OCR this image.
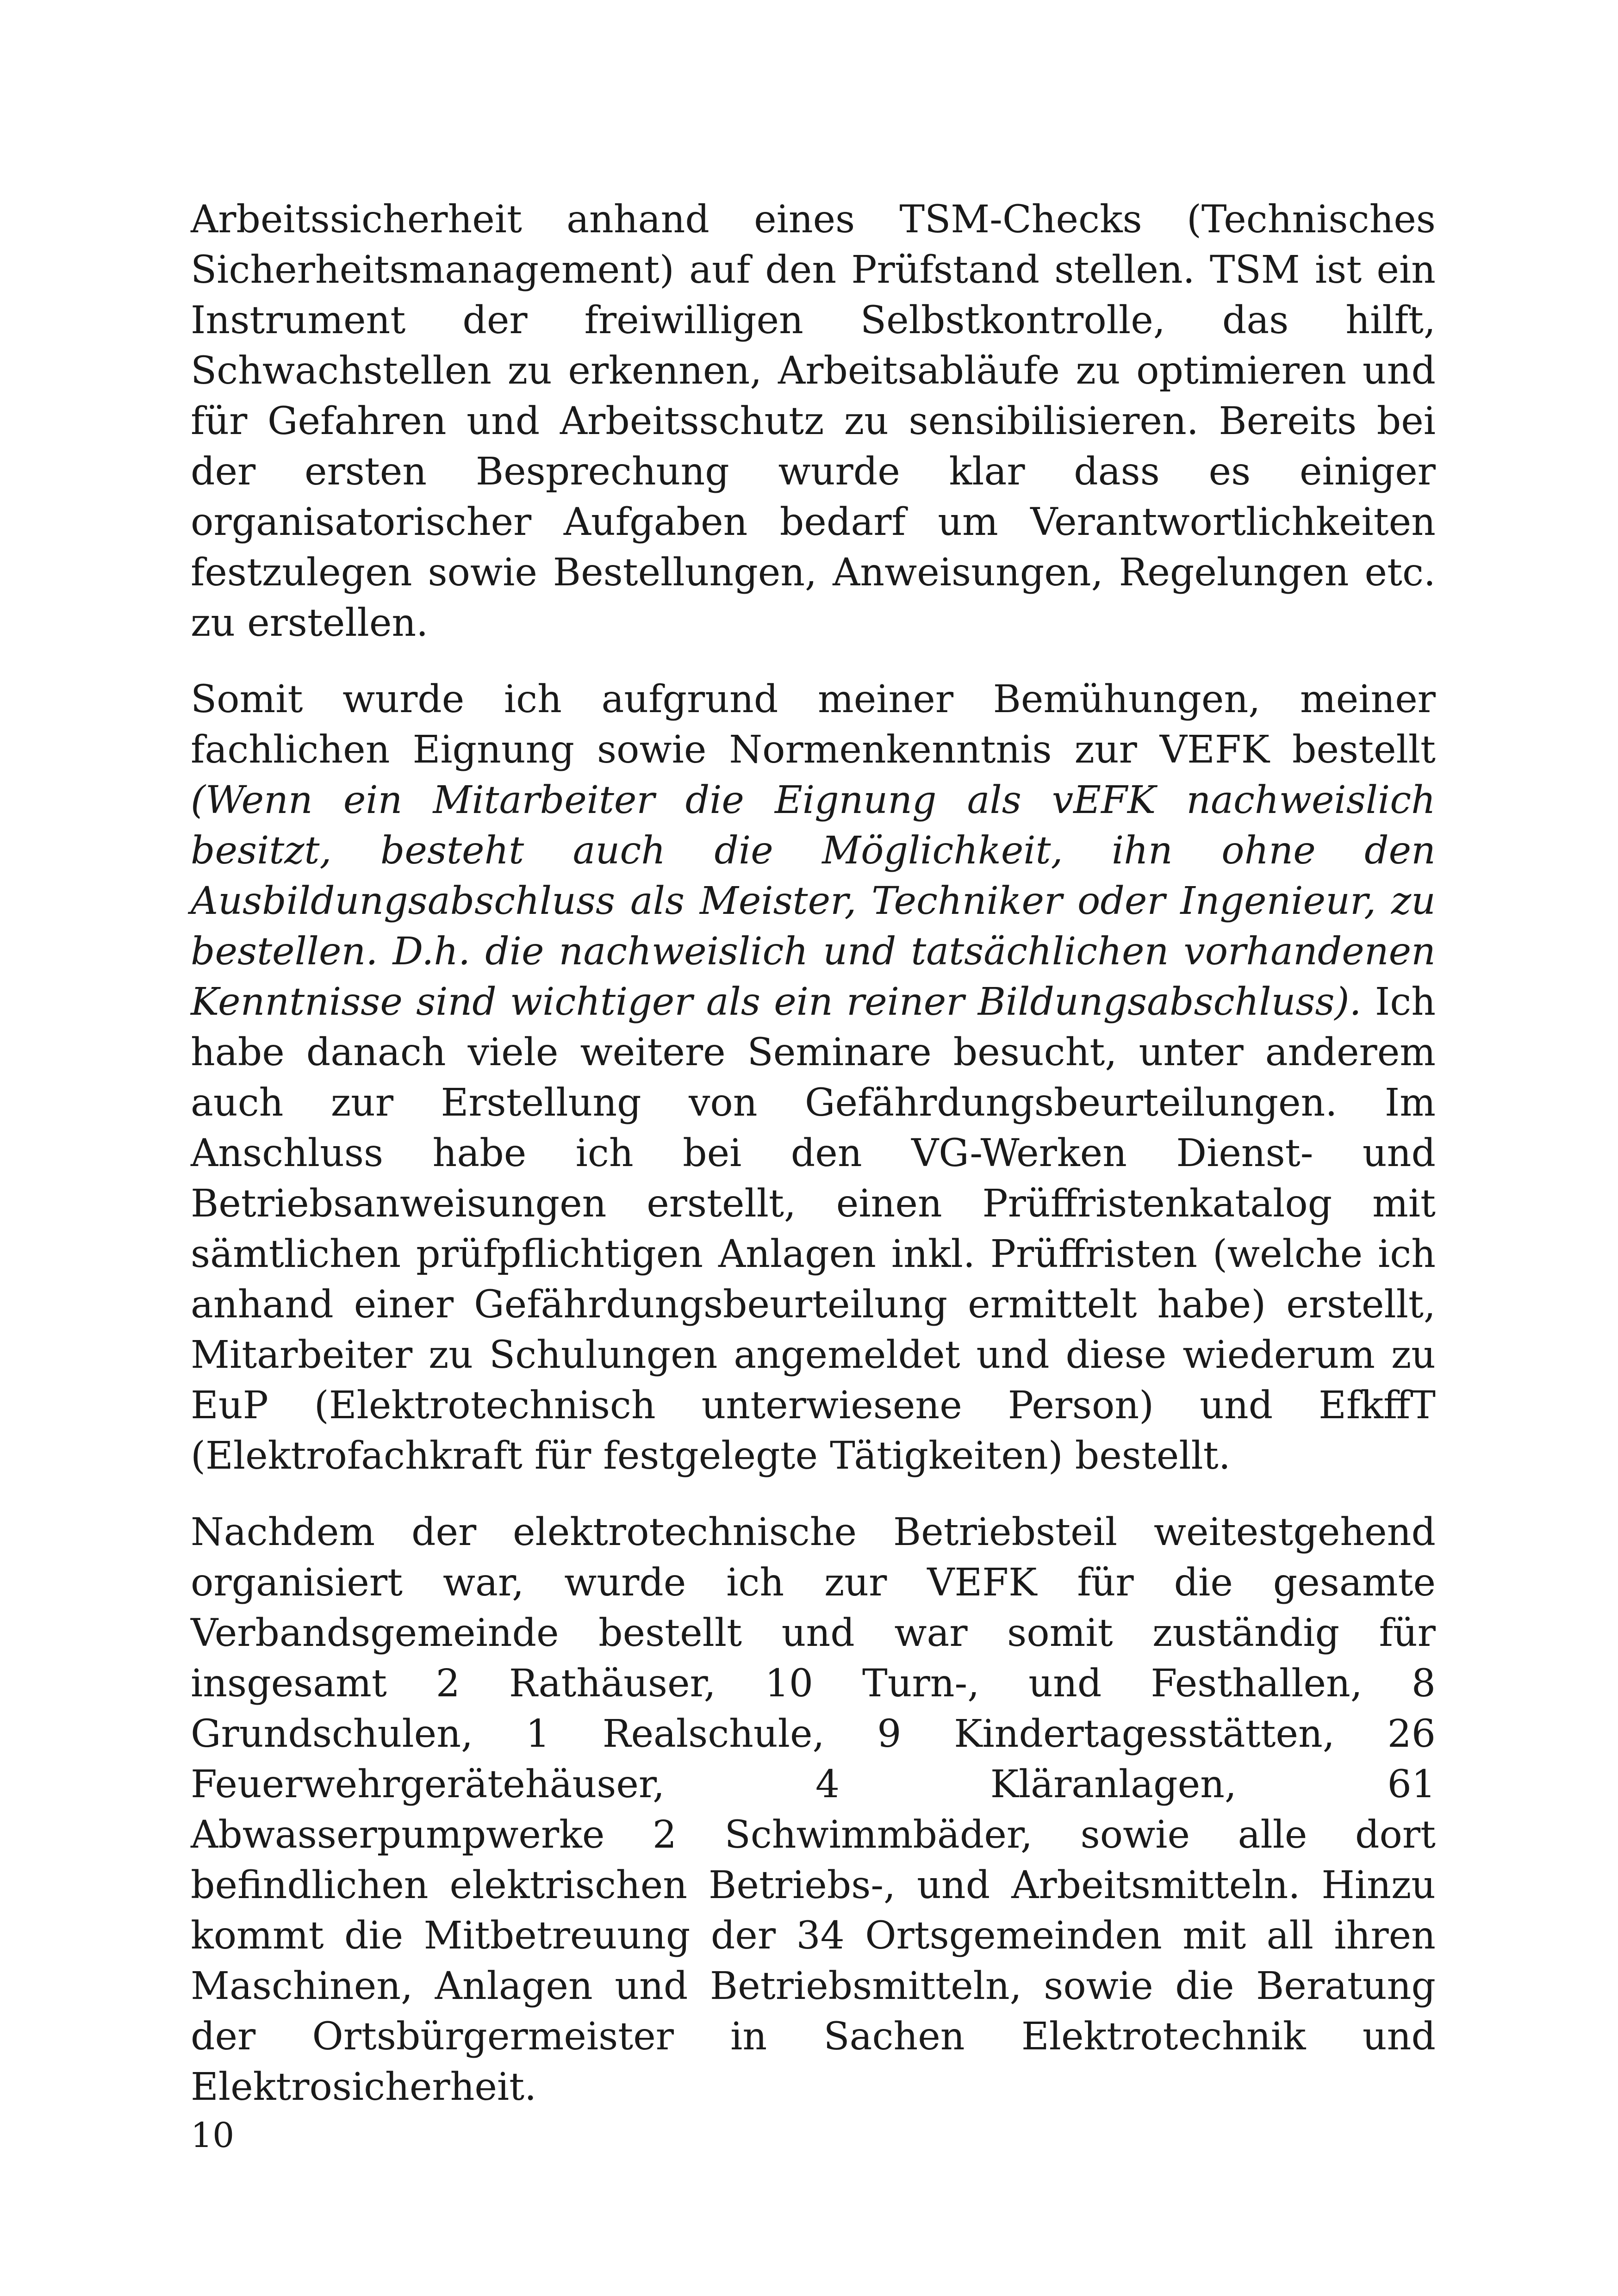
Arbeitssicherheit anhand eines TSM-Checks (Technisches Sicherheitsmanagement) auf den Prüfstand stellen. TSM ist ein Instrument der freiwilligen Selbstkontrolle, das hilft, Schwachstellen zu erkennen, Arbeitsabläufe zu optimieren und für Gefahren und Arbeitsschutz zu sensibilisieren. Bereits bei der ersten Besprechung wurde klar dass es einiger organisatorischer Aufgaben bedarf um Verantwortlichkeiten festzulegen sowie Bestellungen, Anweisungen, Regelungen etc. zu erstellen.

Somit wurde ich aufgrund meiner Bemühungen, meiner fachlichen Eignung sowie Normenkenntnis zur VEFK bestellt (Wenn ein Mitarbeiter die Eignung als vEFK nachweislich besitzt, besteht auch die Möglichkeit, ihn ohne den Ausbildungsabschluss als Meister, Techniker oder Ingenieur, zu bestellen. D.h. die nachweislich und tatsächlichen vorhandenen Kenntnisse sind wichtiger als ein reiner Bildungsabschluss). Ich habe danach viele weitere Seminare besucht, unter anderem auch zur Erstellung von Gefährdungsbeurteilungen. Im Anschluss habe ich bei den VG-Werken Dienst- und Betriebsanweisungen erstellt, einen Prüffristenkatalog mit sämtlichen prüfpflichtigen Anlagen inkl. Prüffristen (welche ich anhand einer Gefährdungsbeurteilung ermittelt habe) erstellt, Mitarbeiter zu Schulungen angemeldet und diese wiederum zu EuP (Elektrotechnisch unterwiesene Person) und EfkffT (Elektrofachkraft für festgelegte Tätigkeiten) bestellt.

Nachdem der elektrotechnische Betriebsteil weitestgehend organisiert war, wurde ich zur VEFK für die gesamte Verbandsgemeinde bestellt und war somit zuständig für insgesamt 2 Rathäuser, 10 Turn-, und Festhallen, 8 Grundschulen, 1 Realschule, 9 Kindertagesstätten, 26 Feuerwehrgerätehäuser, 4 Kläranlagen, 61 Abwasserpumpwerke 2 Schwimmbäder, sowie alle dort befindlichen elektrischen Betriebs-, und Arbeitsmitteln. Hinzu kommt die Mitbetreuung der 34 Ortsgemeinden mit all ihren Maschinen, Anlagen und Betriebsmitteln, sowie die Beratung der Ortsbürgermeister in Sachen Elektrotechnik und Elektrosicherheit.

10
